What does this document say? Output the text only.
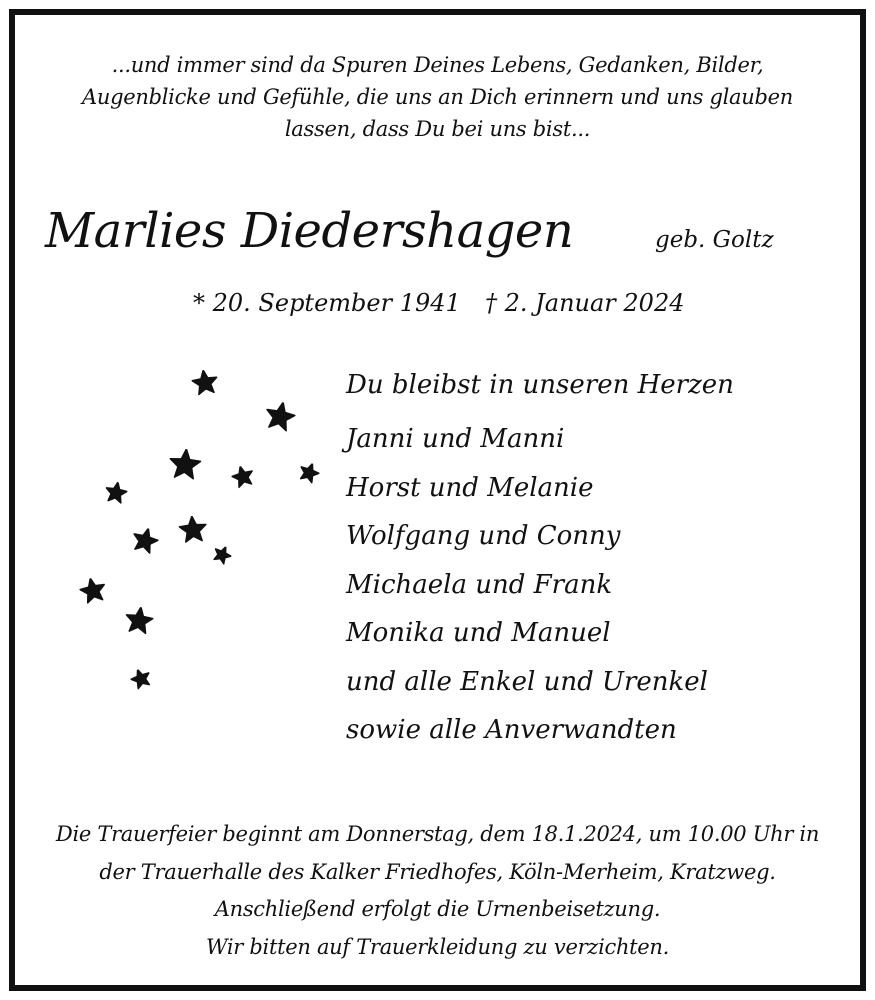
...und immer sind da Spuren Deines Lebens, Gedanken, Bilder,
Augenblicke und Gefühle, die uns an Dich erinnern und uns glauben
lassen, dass Du bei uns bist...
Marlies Diedershagen	geb. Goltz
* 20. September 1941 † 2. Januar 2024
Du bleibst in unseren Herzen
Janni und Manni
Horst und Melanie
Wolfgang und Conny
Michaela und Frank
Monika und Manuel
und alle Enkel und Urenkel
sowie alle Anverwandten
Die Trauerfeier beginnt am Donnerstag, dem 18.1.2024, um 10.00 Uhr in
der Trauerhalle des Kalker Friedhofes, Köln-Merheim, Kratzweg.
Anschließend erfolgt die Urnenbeisetzung.
Wir bitten auf Trauerkleidung zu verzichten.
